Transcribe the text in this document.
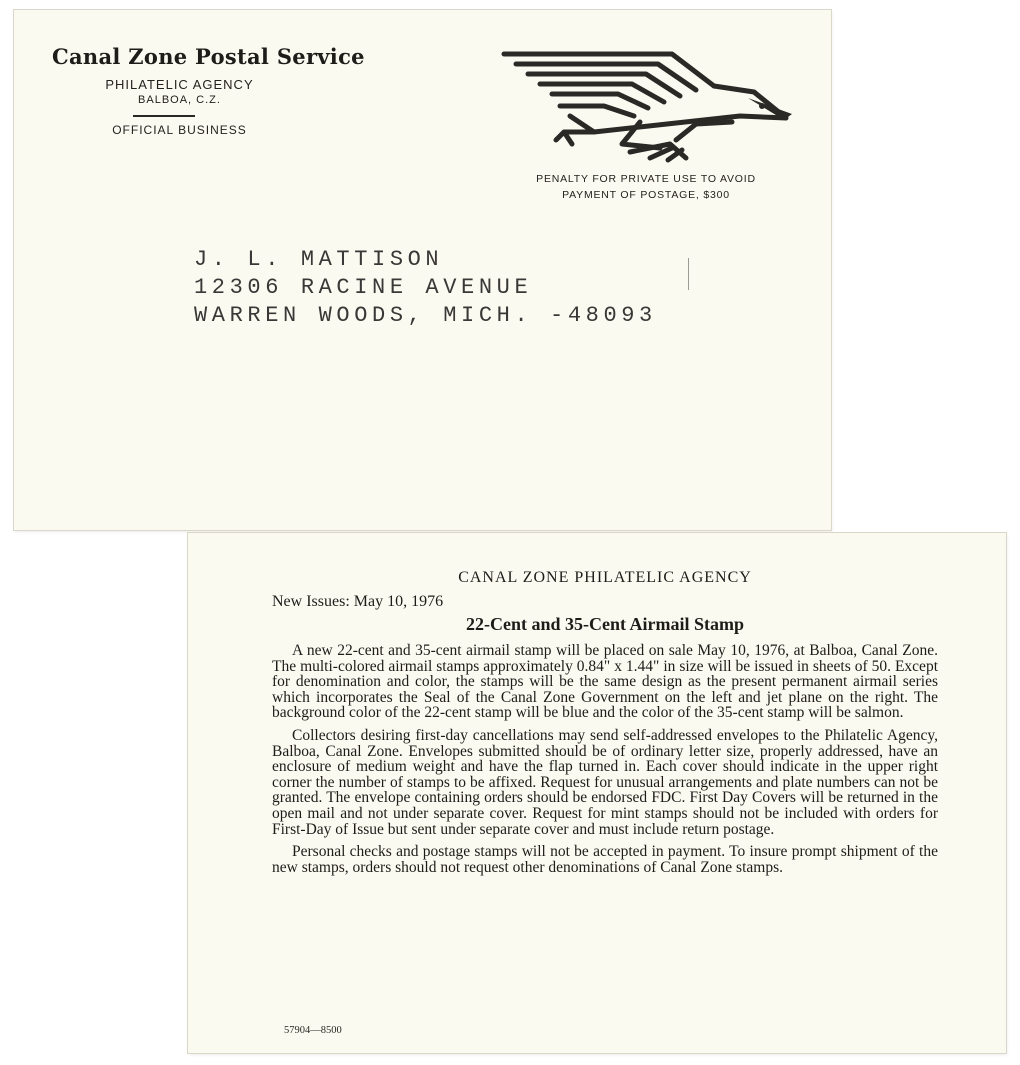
Canal Zone Postal Service
PHILATELIC AGENCY
BALBOA, C.Z.
OFFICIAL BUSINESS
PENALTY FOR PRIVATE USE TO AVOID
PAYMENT OF POSTAGE, $300
J. L. MATTISON
12306 RACINE AVENUE
WARREN WOODS, MICH. -48093
CANAL ZONE PHILATELIC AGENCY
New Issues: May 10, 1976
22-Cent and 35-Cent Airmail Stamp

A new 22-cent and 35-cent airmail stamp will be placed on sale May 10, 1976, at Balboa, Canal Zone. The multi-colored airmail stamps approximately 0.84" x 1.44" in size will be issued in sheets of 50. Except for denomination and color, the stamps will be the same design as the present permanent airmail series which incorporates the Seal of the Canal Zone Government on the left and jet plane on the right. The background color of the 22-cent stamp will be blue and the color of the 35-cent stamp will be salmon.

Collectors desiring first-day cancellations may send self-addressed envelopes to the Philatelic Agency, Balboa, Canal Zone. Envelopes submitted should be of ordinary letter size, properly addressed, have an enclosure of medium weight and have the flap turned in. Each cover should indicate in the upper right corner the number of stamps to be affixed. Request for unusual arrangements and plate numbers can not be granted. The envelope containing orders should be endorsed FDC. First Day Covers will be returned in the open mail and not under separate cover. Request for mint stamps should not be included with orders for First-Day of Issue but sent under separate cover and must include return postage.

Personal checks and postage stamps will not be accepted in payment. To insure prompt shipment of the new stamps, orders should not request other denominations of Canal Zone stamps.

57904—8500
